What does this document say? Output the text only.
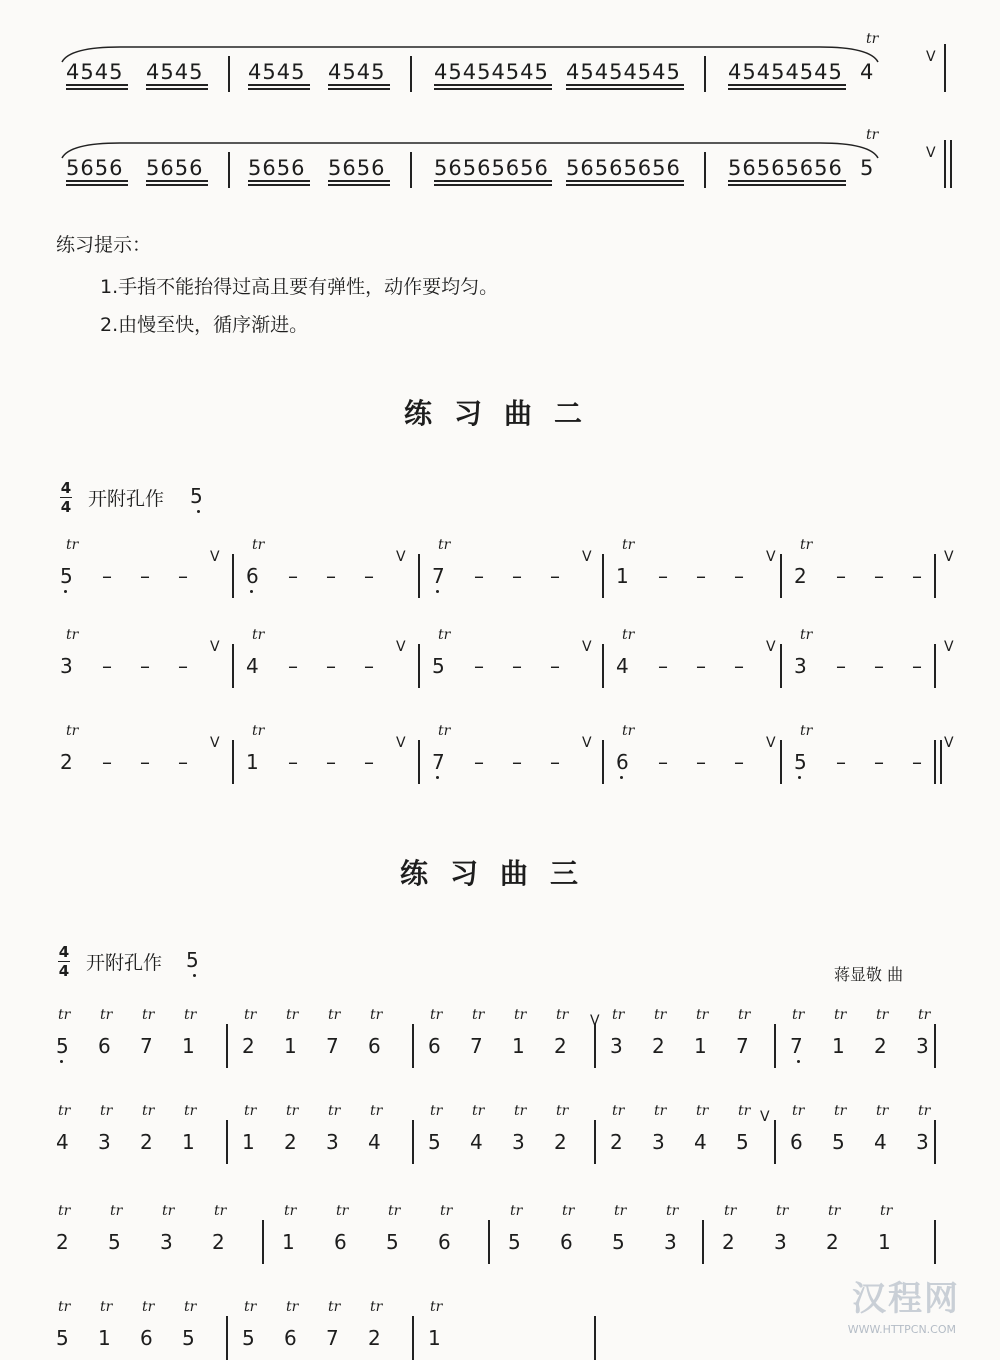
汉程网
WWW.HTTPCN.COM
4545 4545 4545 4545 45454545 45454545 45454545 4
tr
V
5656 5656 5656 5656 56565656 56565656 56565656 5
tr
V
练习提示：
1.手指不能抬得过高且要有弹性，动作要均匀。
2.由慢至快，循序渐进。
练习曲二
4
4 开附孔作 5
5
tr
– – –
V
6
tr
– – –
V
7
tr
– – –
V
1
tr
– – –
V
2
tr
– – –
V
3
tr
– – –
V
4
tr
– – –
V
5
tr
– – –
V
4
tr
– – –
V
3
tr
– – –
V
2
tr
– – –
V
1
tr
– – –
V
7
tr
– – –
V
6
tr
– – –
V
5
tr
– – –
V
练习曲三
4
4 开附孔作 5
蒋显敬 曲
5
tr
6
tr
7
tr
1
tr
2
tr
1
tr
7
tr
6
tr
6
tr
7
tr
1
tr
2
tr
3
tr
2
tr
1
tr
7
tr
7
tr
1
tr
2
tr
3
tr
4
tr
3
tr
2
tr
1
tr
1
tr
2
tr
3
tr
4
tr
5
tr
4
tr
3
tr
2
tr
2
tr
3
tr
4
tr
5
tr
6
tr
5
tr
4
tr
3
tr
2
tr
5
tr
3
tr
2
tr
1
tr
6
tr
5
tr
6
tr
5
tr
6
tr
5
tr
3
tr
2
tr
3
tr
2
tr
1
tr
5
tr
1
tr
6
tr
5
tr
5
tr
6
tr
7
tr
2
tr
1
tr
V
V
